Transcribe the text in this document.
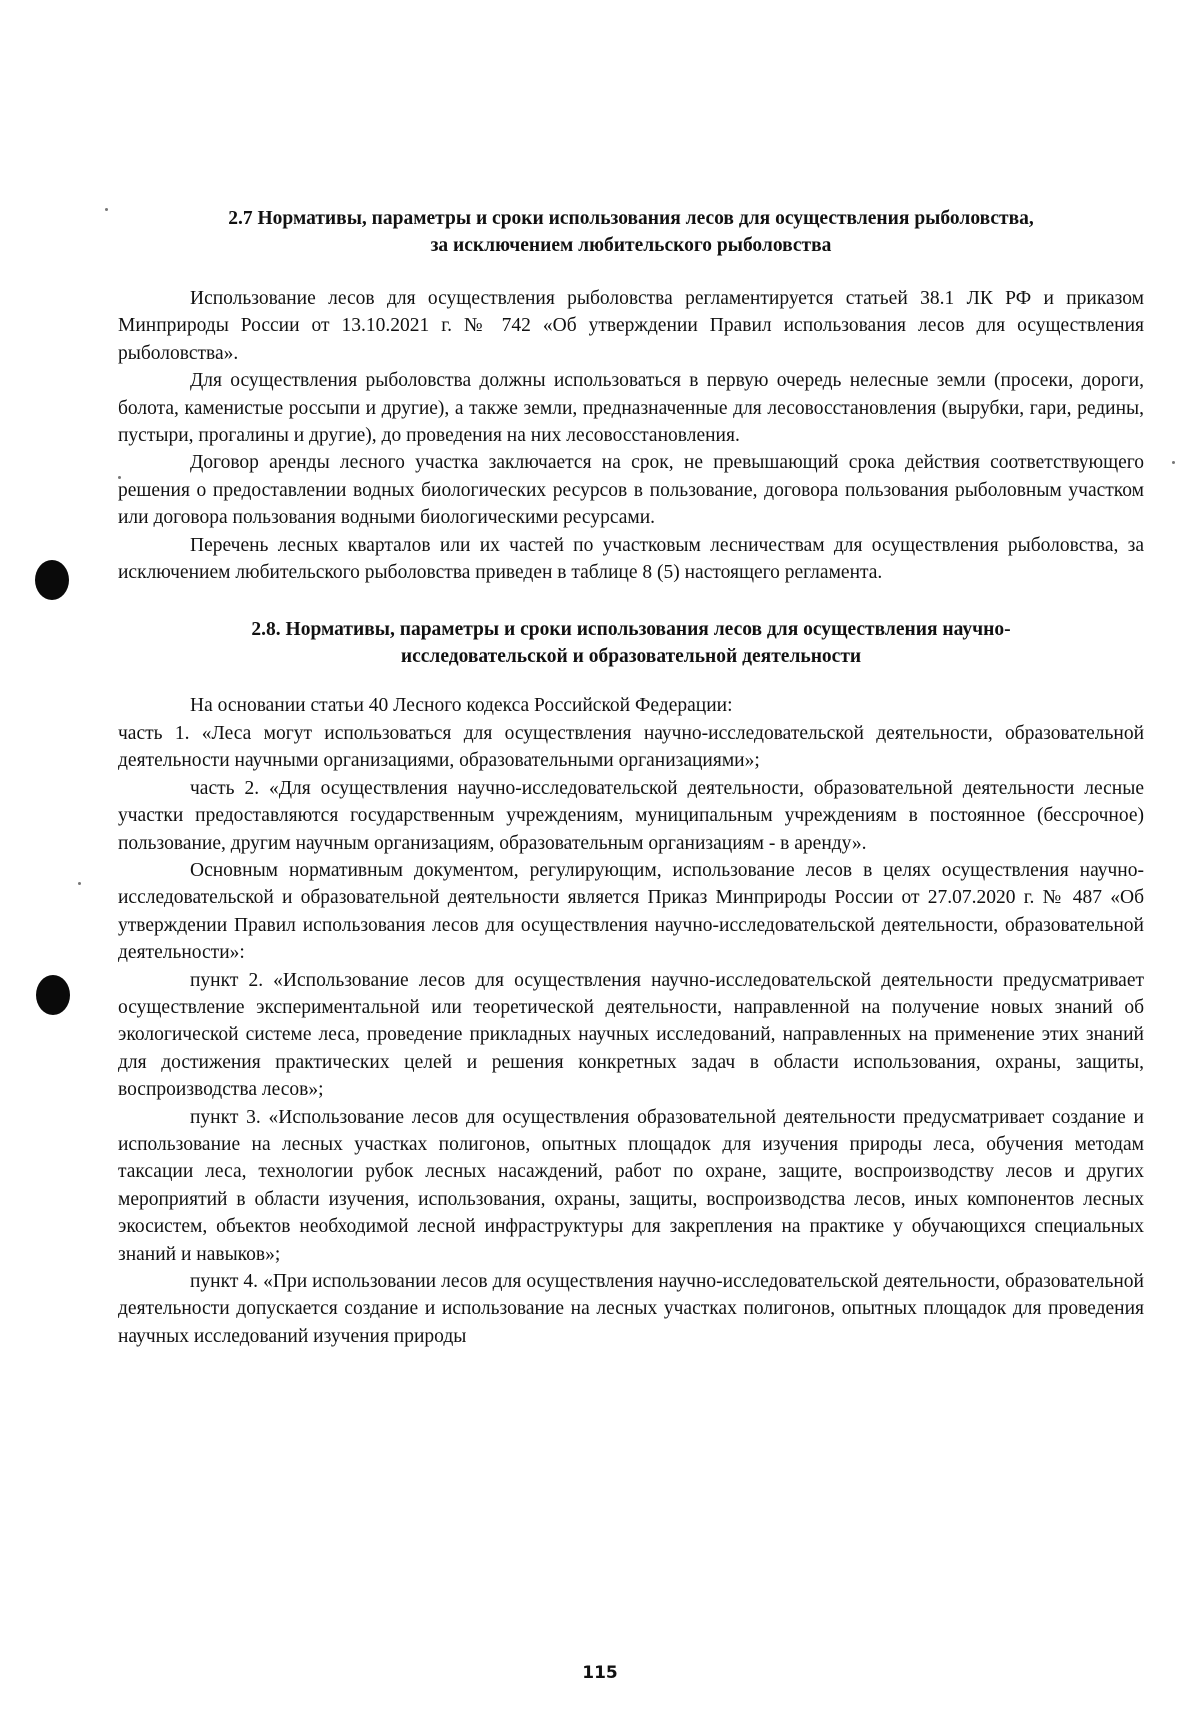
2.7 Нормативы, параметры и сроки использования лесов для осуществления рыболовства,
за исключением любительского рыболовства

Использование лесов для осуществления рыболовства регламентируется статьей 38.1 ЛК РФ и приказом Минприроды России от 13.10.2021 г. № 742 «Об утверждении Правил использования лесов для осуществления рыболовства».

Для осуществления рыболовства должны использоваться в первую очередь нелесные земли (просеки, дороги, болота, каменистые россыпи и другие), а также земли, предназначенные для лесовосстановления (вырубки, гари, редины, пустыри, прогалины и другие), до проведения на них лесовосстановления.

Договор аренды лесного участка заключается на срок, не превышающий срока действия соответствующего решения о предоставлении водных биологических ресурсов в пользование, договора пользования рыболовным участком или договора пользования водными биологическими ресурсами.

Перечень лесных кварталов или их частей по участковым лесничествам для осуществления рыболовства, за исключением любительского рыболовства приведен в таблице 8 (5) настоящего регламента.

2.8. Нормативы, параметры и сроки использования лесов для осуществления научно-
исследовательской и образовательной деятельности

На основании статьи 40 Лесного кодекса Российской Федерации:

часть 1. «Леса могут использоваться для осуществления научно-исследовательской деятельности, образовательной деятельности научными организациями, образовательными организациями»;

часть 2. «Для осуществления научно-исследовательской деятельности, образовательной деятельности лесные участки предоставляются государственным учреждениям, муниципальным учреждениям в постоянное (бессрочное) пользование, другим научным организациям, образовательным организациям - в аренду».

Основным нормативным документом, регулирующим, использование лесов в целях осуществления научно-исследовательской и образовательной деятельности является Приказ Минприроды России от 27.07.2020 г. № 487 «Об утверждении Правил использования лесов для осуществления научно-исследовательской деятельности, образовательной деятельности»:

пункт 2. «Использование лесов для осуществления научно-исследовательской деятельности предусматривает осуществление экспериментальной или теоретической деятельности, направленной на получение новых знаний об экологической системе леса, проведение прикладных научных исследований, направленных на применение этих знаний для достижения практических целей и решения конкретных задач в области использования, охраны, защиты, воспроизводства лесов»;

пункт 3. «Использование лесов для осуществления образовательной деятельности предусматривает создание и использование на лесных участках полигонов, опытных площадок для изучения природы леса, обучения методам таксации леса, технологии рубок лесных насаждений, работ по охране, защите, воспроизводству лесов и других мероприятий в области изучения, использования, охраны, защиты, воспроизводства лесов, иных компонентов лесных экосистем, объектов необходимой лесной инфраструктуры для закрепления на практике у обучающихся специальных знаний и навыков»;

пункт 4. «При использовании лесов для осуществления научно-исследовательской деятельности, образовательной деятельности допускается создание и использование на лесных участках полигонов, опытных площадок для проведения научных исследований изучения природы

115
